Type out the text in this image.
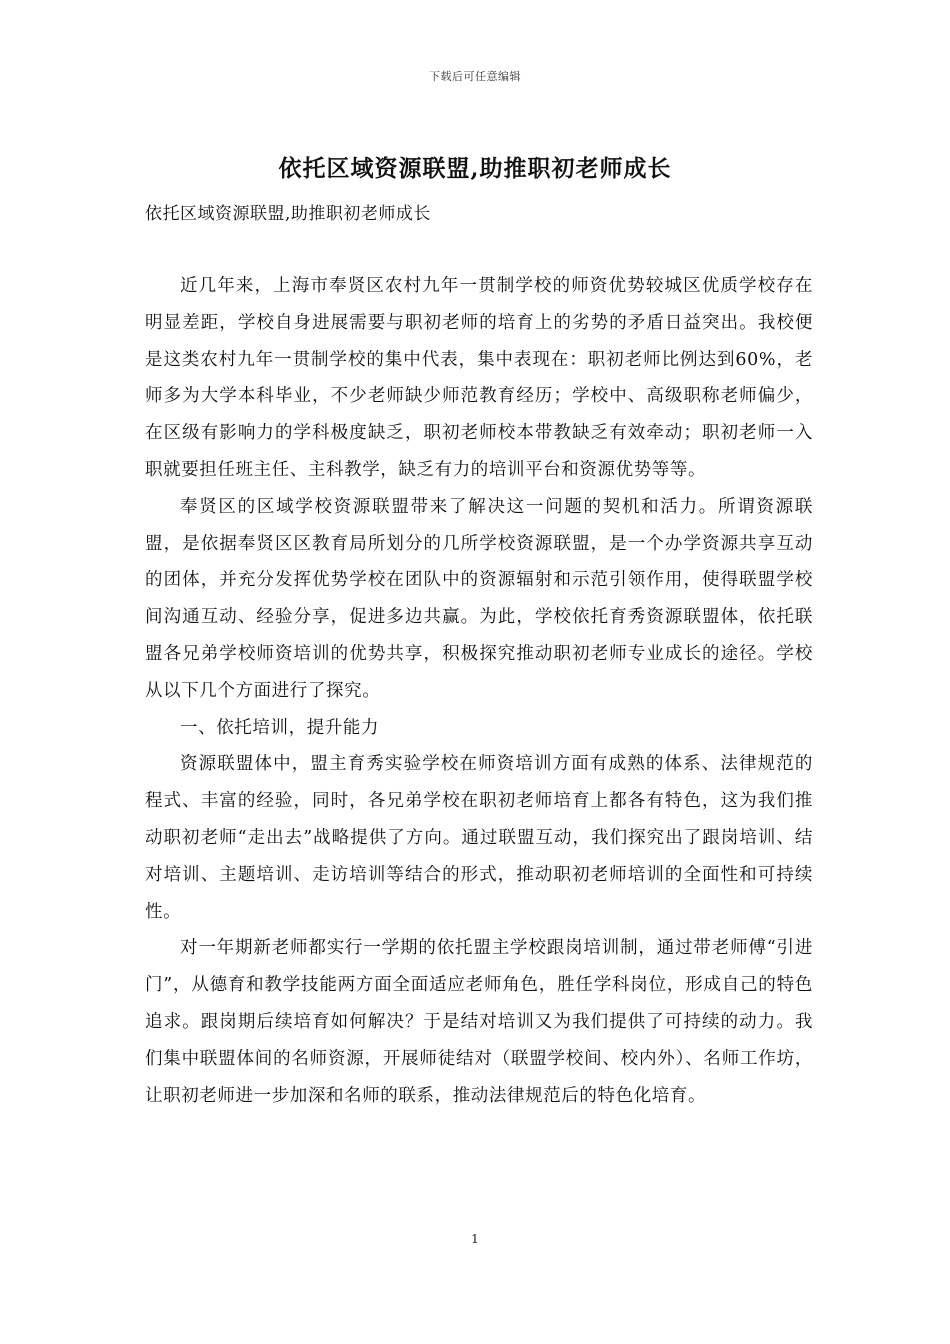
下载后可任意编辑
依托区域资源联盟,助推职初老师成长
依托区域资源联盟,助推职初老师成长

近几年来，上海市奉贤区农村九年一贯制学校的师资优势较城区优质学校存在明显差距，学校自身进展需要与职初老师的培育上的劣势的矛盾日益突出。我校便是这类农村九年一贯制学校的集中代表，集中表现在：职初老师比例达到60%，老师多为大学本科毕业，不少老师缺少师范教育经历；学校中、高级职称老师偏少，在区级有影响力的学科极度缺乏，职初老师校本带教缺乏有效牵动；职初老师一入职就要担任班主任、主科教学，缺乏有力的培训平台和资源优势等等。

奉贤区的区域学校资源联盟带来了解决这一问题的契机和活力。所谓资源联盟，是依据奉贤区区教育局所划分的几所学校资源联盟，是一个办学资源共享互动的团体，并充分发挥优势学校在团队中的资源辐射和示范引领作用，使得联盟学校间沟通互动、经验分享，促进多边共赢。为此，学校依托育秀资源联盟体，依托联盟各兄弟学校师资培训的优势共享，积极探究推动职初老师专业成长的途径。学校从以下几个方面进行了探究。

一、依托培训，提升能力

资源联盟体中，盟主育秀实验学校在师资培训方面有成熟的体系、法律规范的程式、丰富的经验，同时，各兄弟学校在职初老师培育上都各有特色，这为我们推动职初老师“走出去”战略提供了方向。通过联盟互动，我们探究出了跟岗培训、结对培训、主题培训、走访培训等结合的形式，推动职初老师培训的全面性和可持续性。

对一年期新老师都实行一学期的依托盟主学校跟岗培训制，通过带老师傅“引进门”，从德育和教学技能两方面全面适应老师角色，胜任学科岗位，形成自己的特色追求。跟岗期后续培育如何解决？于是结对培训又为我们提供了可持续的动力。我们集中联盟体间的名师资源，开展师徒结对（联盟学校间、校内外）、名师工作坊，让职初老师进一步加深和名师的联系，推动法律规范后的特色化培育。

1
